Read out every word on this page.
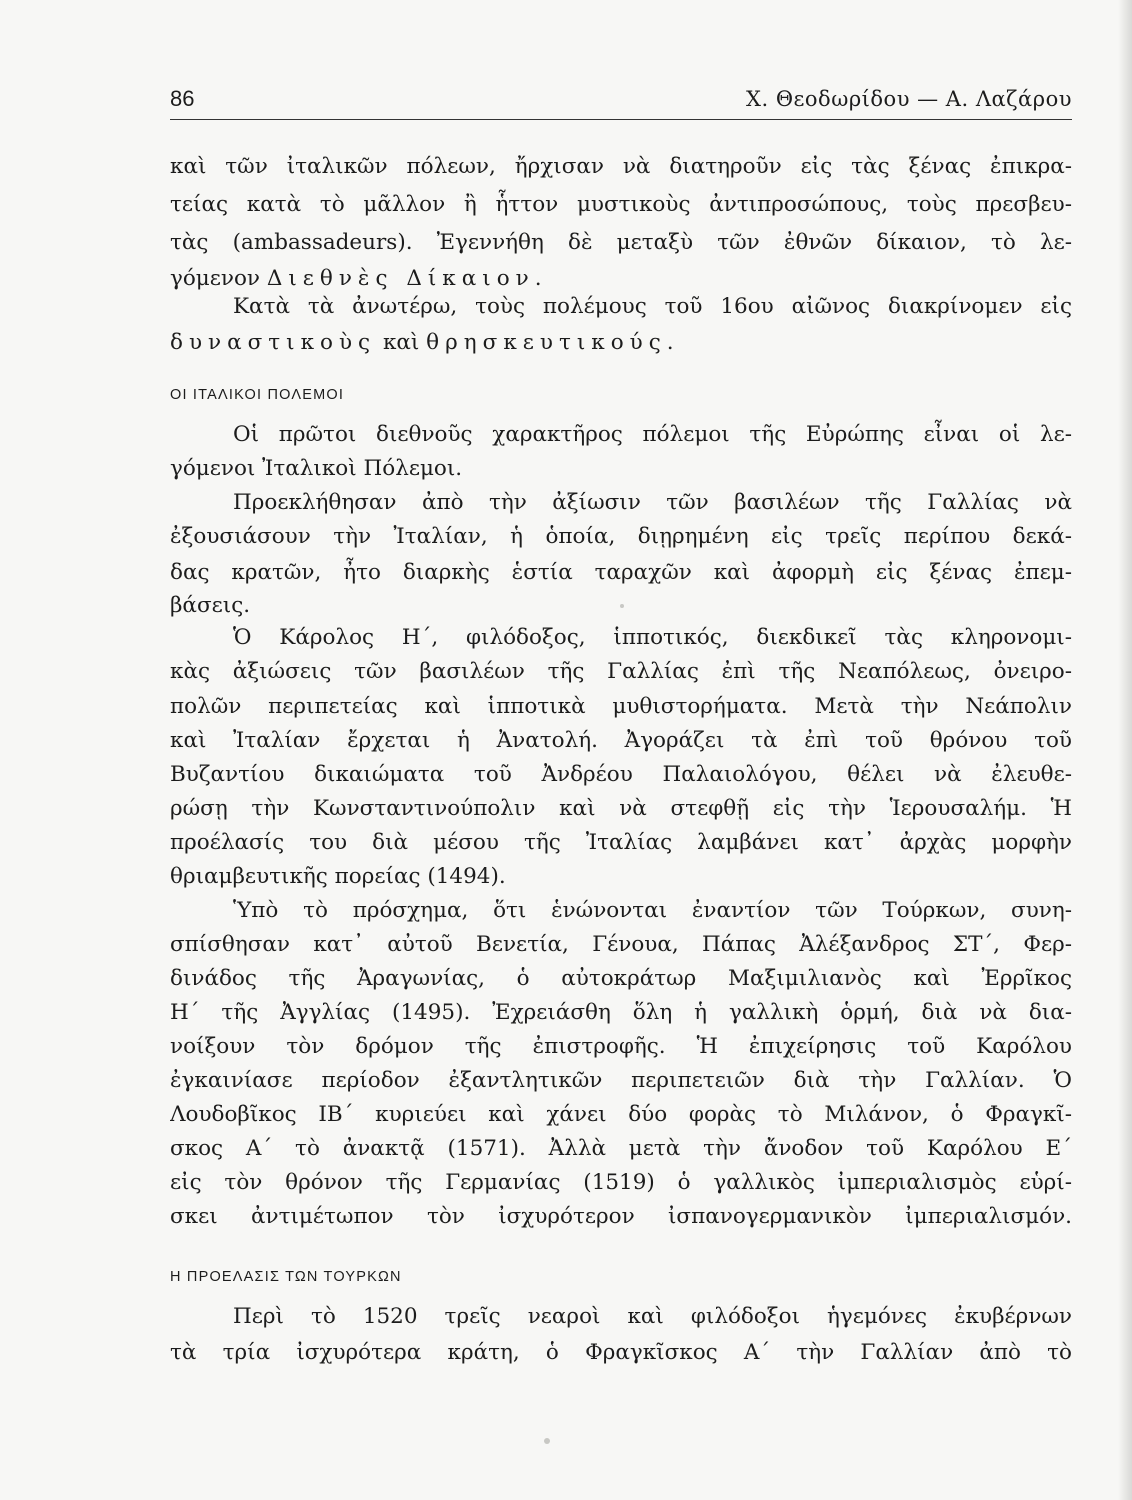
86	Χ. Θεοδωρίδου — Α. Λαζάρου
καὶ τῶν ἰταλικῶν πόλεων, ἤρχισαν νὰ διατηροῦν εἰς τὰς ξένας ἐπικρα-
τείας κατὰ τὸ μᾶλλον ἢ ἧττον μυστικοὺς ἀντιπροσώπους, τοὺς πρεσβευ-
τὰς (ambassadeurs). Ἐγεννήθη δὲ μεταξὺ τῶν ἐθνῶν δίκαιον, τὸ λε-
γόμενον Διεθνὲς Δίκαιον.
Κατὰ τὰ ἀνωτέρω, τοὺς πολέμους τοῦ 16ου αἰῶνος διακρίνομεν εἰς
δυναστικοὺς καὶ θρησκευτικούς.
ΟΙ ΙΤΑΛΙΚΟΙ ΠΟΛΕΜΟΙ
Οἱ πρῶτοι διεθνοῦς χαρακτῆρος πόλεμοι τῆς Εὐρώπης εἶναι οἱ λε-
γόμενοι Ἰταλικοὶ Πόλεμοι.
Προεκλήθησαν ἀπὸ τὴν ἀξίωσιν τῶν βασιλέων τῆς Γαλλίας νὰ
ἐξουσιάσουν τὴν Ἰταλίαν, ἡ ὁποία, διῃρημένη εἰς τρεῖς περίπου δεκά-
δας κρατῶν, ἦτο διαρκὴς ἑστία ταραχῶν καὶ ἀφορμὴ εἰς ξένας ἐπεμ-
βάσεις.
Ὁ Κάρολος Η΄, φιλόδοξος, ἱπποτικός, διεκδικεῖ τὰς κληρονομι-
κὰς ἀξιώσεις τῶν βασιλέων τῆς Γαλλίας ἐπὶ τῆς Νεαπόλεως, ὀνειρο-
πολῶν περιπετείας καὶ ἱπποτικὰ μυθιστορήματα. Μετὰ τὴν Νεάπολιν
καὶ Ἰταλίαν ἔρχεται ἡ Ἀνατολή. Ἀγοράζει τὰ ἐπὶ τοῦ θρόνου τοῦ
Βυζαντίου δικαιώματα τοῦ Ἀνδρέου Παλαιολόγου, θέλει νὰ ἐλευθε-
ρώσῃ τὴν Κωνσταντινούπολιν καὶ νὰ στεφθῇ εἰς τὴν Ἱερουσαλήμ. Ἡ
προέλασίς του διὰ μέσου τῆς Ἰταλίας λαμβάνει κατ᾽ ἀρχὰς μορφὴν
θριαμβευτικῆς πορείας (1494).
Ὑπὸ τὸ πρόσχημα, ὅτι ἑνώνονται ἐναντίον τῶν Τούρκων, συνη-
σπίσθησαν κατ᾽ αὐτοῦ Βενετία, Γένουα, Πάπας Ἀλέξανδρος ΣΤ΄, Φερ-
δινάδος τῆς Ἀραγωνίας, ὁ αὐτοκράτωρ Μαξιμιλιανὸς καὶ Ἐρρῖκος
Η΄ τῆς Ἀγγλίας (1495). Ἐχρειάσθη ὅλη ἡ γαλλικὴ ὁρμή, διὰ νὰ δια-
νοίξουν τὸν δρόμον τῆς ἐπιστροφῆς. Ἡ ἐπιχείρησις τοῦ Καρόλου
ἐγκαινίασε περίοδον ἐξαντλητικῶν περιπετειῶν διὰ τὴν Γαλλίαν. Ὁ
Λουδοβῖκος ΙΒ΄ κυριεύει καὶ χάνει δύο φορὰς τὸ Μιλάνον, ὁ Φραγκῖ-
σκος Α΄ τὸ ἀνακτᾷ (1571). Ἀλλὰ μετὰ τὴν ἄνοδον τοῦ Καρόλου Ε΄
εἰς τὸν θρόνον τῆς Γερμανίας (1519) ὁ γαλλικὸς ἰμπεριαλισμὸς εὑρί-
σκει ἀντιμέτωπον τὸν ἰσχυρότερον ἰσπανογερμανικὸν ἰμπεριαλισμόν.
Η ΠΡΟΕΛΑΣΙΣ ΤΩΝ ΤΟΥΡΚΩΝ
Περὶ τὸ 1520 τρεῖς νεαροὶ καὶ φιλόδοξοι ἡγεμόνες ἐκυβέρνων
τὰ τρία ἰσχυρότερα κράτη, ὁ Φραγκῖσκος Α΄ τὴν Γαλλίαν ἀπὸ τὸ
